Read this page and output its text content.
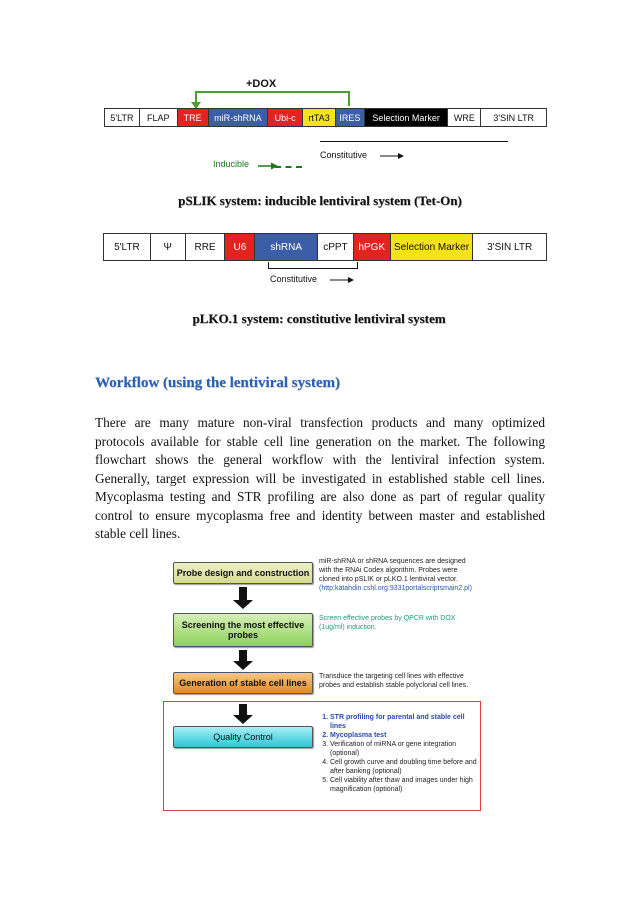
+DOX
5'LTR	FLAP	TRE	miR-shRNA	Ubi-c	rtTA3	IRES	Selection Marker	WRE	3'SIN LTR
Constitutive
Inducible
pSLIK system: inducible lentiviral system (Tet-On)
5'LTR	Ψ	RRE	U6	shRNA	cPPT	hPGK Selection Marker	3'SIN LTR
Constitutive
pLKO.1 system: constitutive lentiviral system
Workflow (using the lentiviral system)
There are many mature non-viral transfection products and many optimized protocols available for stable cell line generation on the market. The following flowchart shows the general workflow with the lentiviral infection system. Generally, target expression will be investigated in established stable cell lines. Mycoplasma testing and STR profiling are also done as part of regular quality control to ensure mycoplasma free and identity between master and established stable cell lines.
Probe design and construction
Screening the most effective probes
Generation of stable cell lines
Quality Control
miR-shRNA or shRNA sequences are designed with the RNAi Codex algorithm. Probes were cloned into pSLIK or pLKO.1 lentiviral vector.
(http:katahdin.cshl.org:9331portalscriptsmain2.pl)
Screen effective probes by QPCR with DOX (1ug/ml) induction.
Transduce the targeting cell lines with effective probes and establish stable polyclonal cell lines.
1. STR profiling for parental and stable cell lines
2. Mycoplasma test
3. Verification of miRNA or gene integration (optional)
4. Cell growth curve and doubling time before and after banking (optional)
5. Cell viability after thaw and images under high magnification (optional)
